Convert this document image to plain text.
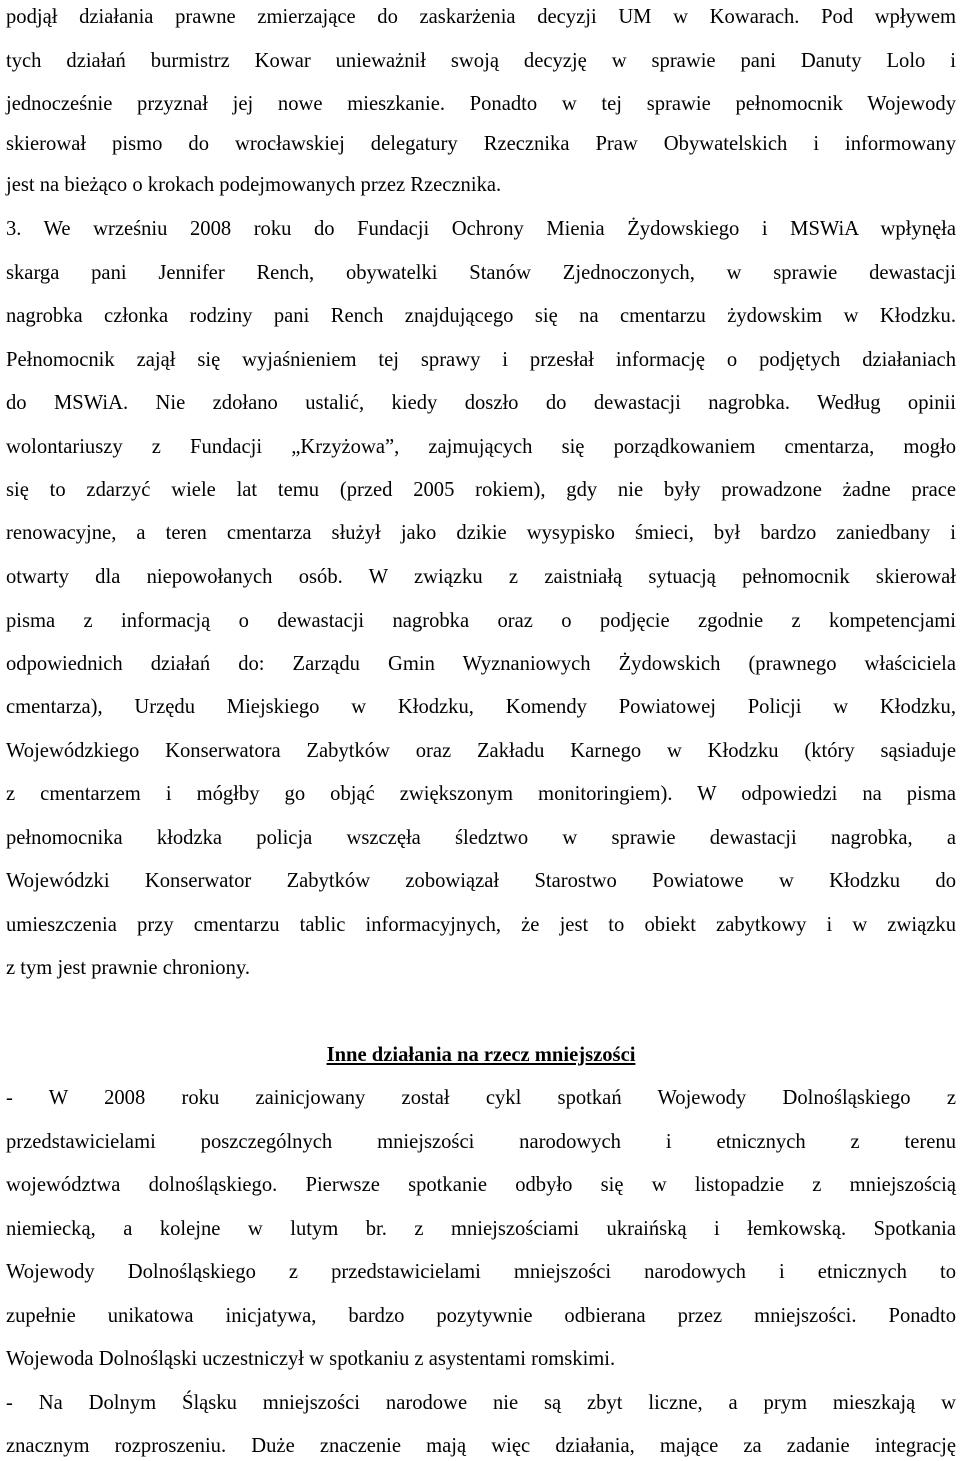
podjął działania prawne zmierzające do zaskarżenia decyzji UM w Kowarach. Pod wpływem
tych działań burmistrz Kowar unieważnił swoją decyzję w sprawie pani Danuty Lolo i
jednocześnie przyznał jej nowe mieszkanie. Ponadto w tej sprawie pełnomocnik Wojewody
skierował pismo do wrocławskiej delegatury Rzecznika Praw Obywatelskich i informowany
jest na bieżąco o krokach podejmowanych przez Rzecznika.
3. We wrześniu 2008 roku do Fundacji Ochrony Mienia Żydowskiego i MSWiA wpłynęła
skarga pani Jennifer Rench, obywatelki Stanów Zjednoczonych, w sprawie dewastacji
nagrobka członka rodziny pani Rench znajdującego się na cmentarzu żydowskim w Kłodzku.
Pełnomocnik zajął się wyjaśnieniem tej sprawy i przesłał informację o podjętych działaniach
do MSWiA. Nie zdołano ustalić, kiedy doszło do dewastacji nagrobka. Według opinii
wolontariuszy z Fundacji „Krzyżowa”, zajmujących się porządkowaniem cmentarza, mogło
się to zdarzyć wiele lat temu (przed 2005 rokiem), gdy nie były prowadzone żadne prace
renowacyjne, a teren cmentarza służył jako dzikie wysypisko śmieci, był bardzo zaniedbany i
otwarty dla niepowołanych osób. W związku z zaistniałą sytuacją pełnomocnik skierował
pisma z informacją o dewastacji nagrobka oraz o podjęcie zgodnie z kompetencjami
odpowiednich działań do: Zarządu Gmin Wyznaniowych Żydowskich (prawnego właściciela
cmentarza), Urzędu Miejskiego w Kłodzku, Komendy Powiatowej Policji w Kłodzku,
Wojewódzkiego Konserwatora Zabytków oraz Zakładu Karnego w Kłodzku (który sąsiaduje
z cmentarzem i mógłby go objąć zwiększonym monitoringiem). W odpowiedzi na pisma
pełnomocnika kłodzka policja wszczęła śledztwo w sprawie dewastacji nagrobka, a
Wojewódzki Konserwator Zabytków zobowiązał Starostwo Powiatowe w Kłodzku do
umieszczenia przy cmentarzu tablic informacyjnych, że jest to obiekt zabytkowy i w związku
z tym jest prawnie chroniony.
Inne działania na rzecz mniejszości
- W 2008 roku zainicjowany został cykl spotkań Wojewody Dolnośląskiego z
przedstawicielami poszczególnych mniejszości narodowych i etnicznych z terenu
województwa dolnośląskiego. Pierwsze spotkanie odbyło się w listopadzie z mniejszością
niemiecką, a kolejne w lutym br. z mniejszościami ukraińską i łemkowską. Spotkania
Wojewody Dolnośląskiego z przedstawicielami mniejszości narodowych i etnicznych to
zupełnie unikatowa inicjatywa, bardzo pozytywnie odbierana przez mniejszości. Ponadto
Wojewoda Dolnośląski uczestniczył w spotkaniu z asystentami romskimi.
- Na Dolnym Śląsku mniejszości narodowe nie są zbyt liczne, a prym mieszkają w
znacznym rozproszeniu. Duże znaczenie mają więc działania, mające za zadanie integrację
